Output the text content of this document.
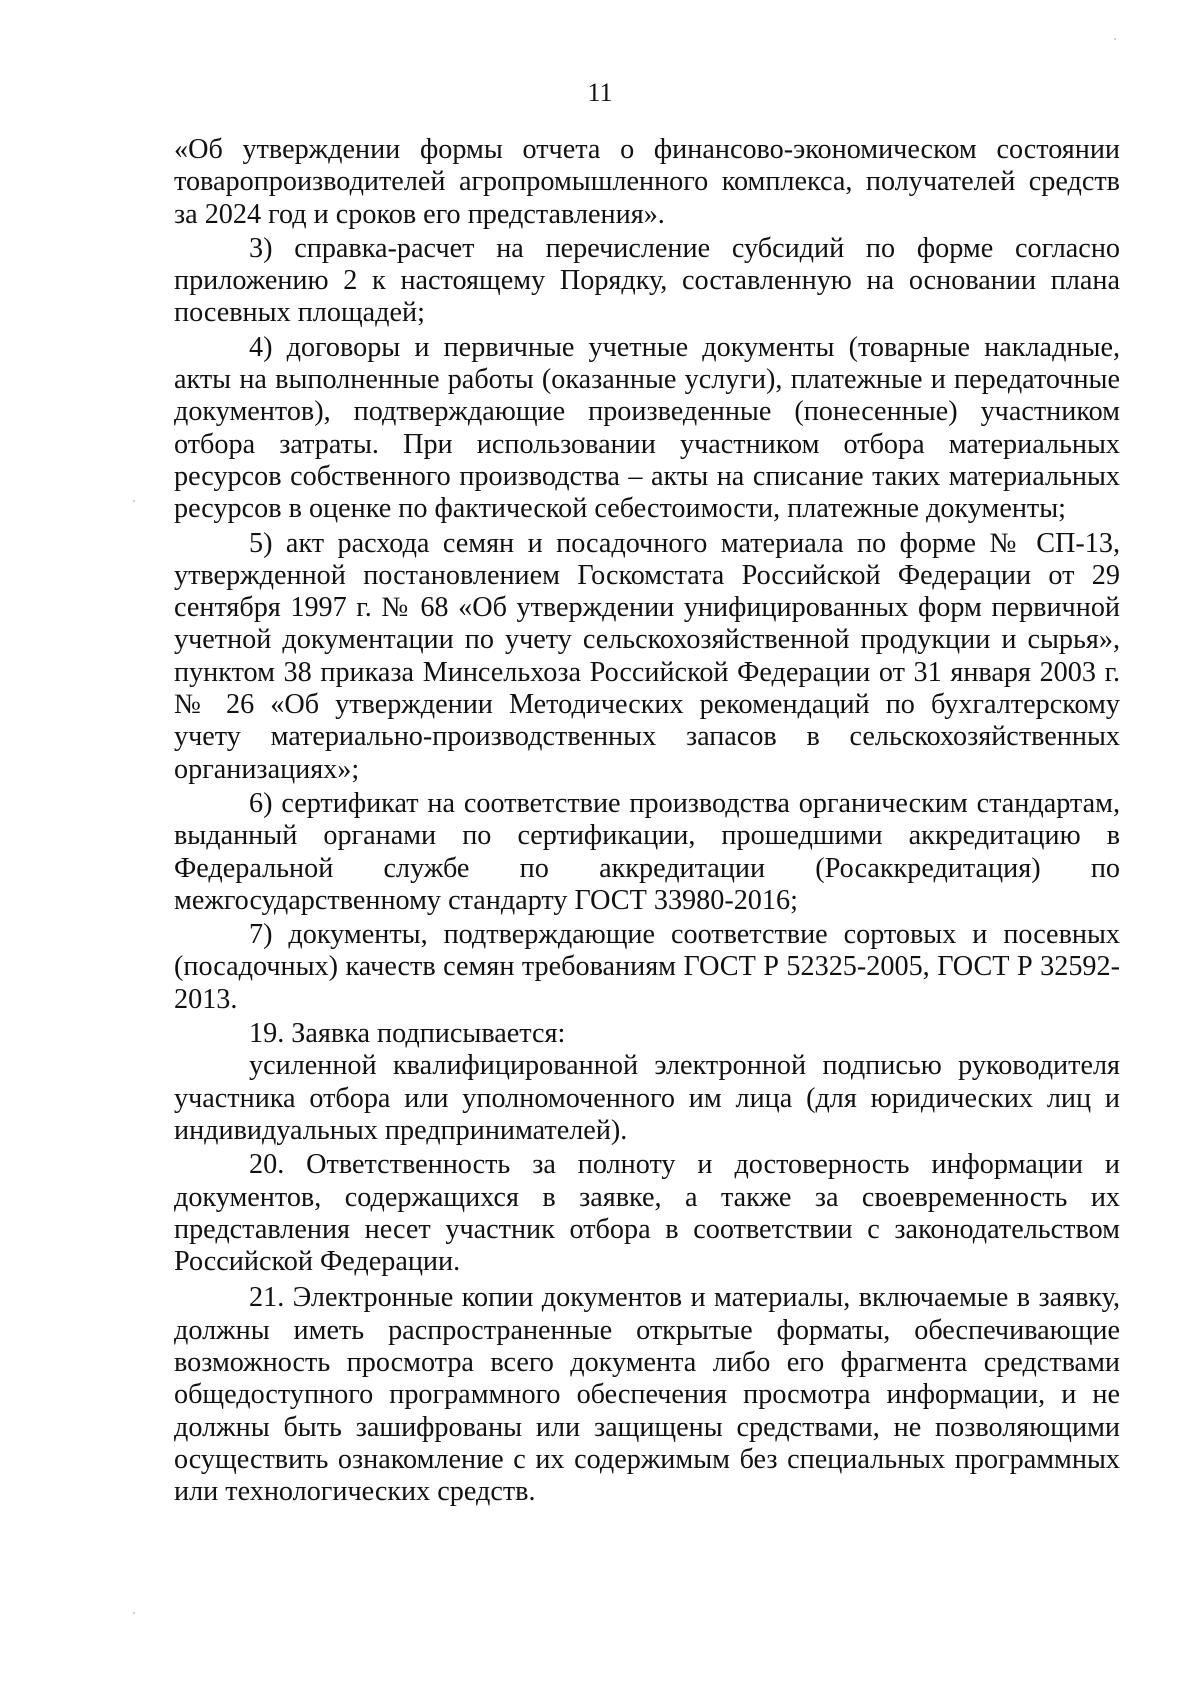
11

«Об утверждении формы отчета о финансово-экономическом состоянии товаропроизводителей агропромышленного комплекса, получателей средств за 2024 год и сроков его представления».

3) справка-расчет на перечисление субсидий по форме согласно приложению 2 к настоящему Порядку, составленную на основании плана посевных площадей;

4) договоры и первичные учетные документы (товарные накладные, акты на выполненные работы (оказанные услуги), платежные и передаточные документов), подтверждающие произведенные (понесенные) участником отбора затраты. При использовании участником отбора материальных ресурсов собственного производства – акты на списание таких материальных ресурсов в оценке по фактической себестоимости, платежные документы;

5) акт расхода семян и посадочного материала по форме № СП-13, утвержденной постановлением Госкомстата Российской Федерации от 29 сентября 1997 г. № 68 «Об утверждении унифицированных форм первичной учетной документации по учету сельскохозяйственной продукции и сырья», пунктом 38 приказа Минсельхоза Российской Федерации от 31 января 2003 г. № 26 «Об утверждении Методических рекомендаций по бухгалтерскому учету материально-производственных запасов в сельскохозяйственных организациях»;

6) сертификат на соответствие производства органическим стандартам, выданный органами по сертификации, прошедшими аккредитацию в Федеральной службе по аккредитации (Росаккредитация) по межгосударственному стандарту ГОСТ 33980-2016;

7) документы, подтверждающие соответствие сортовых и посевных (посадочных) качеств семян требованиям ГОСТ Р 52325-2005, ГОСТ Р 32592-2013.

19. Заявка подписывается:

усиленной квалифицированной электронной подписью руководителя участника отбора или уполномоченного им лица (для юридических лиц и индивидуальных предпринимателей).

20. Ответственность за полноту и достоверность информации и документов, содержащихся в заявке, а также за своевременность их представления несет участник отбора в соответствии с законодательством Российской Федерации.

21. Электронные копии документов и материалы, включаемые в заявку, должны иметь распространенные открытые форматы, обеспечивающие возможность просмотра всего документа либо его фрагмента средствами общедоступного программного обеспечения просмотра информации, и не должны быть зашифрованы или защищены средствами, не позволяющими осуществить ознакомление с их содержимым без специальных программных или технологических средств.
